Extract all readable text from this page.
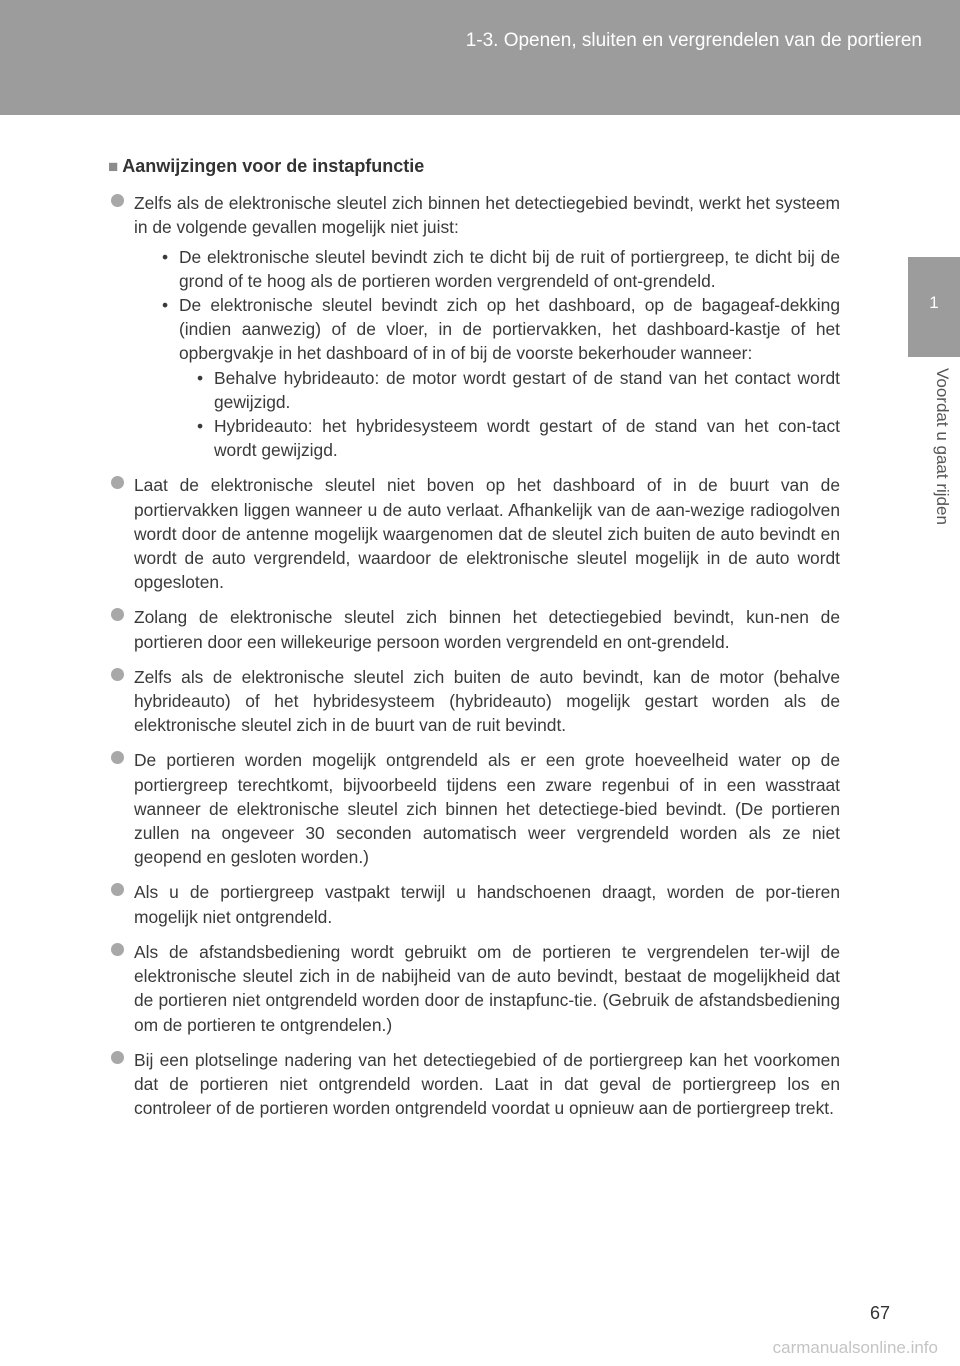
1-3. Openen, sluiten en vergrendelen van de portieren
1
Voordat u gaat rijden
■ Aanwijzingen voor de instapfunctie
Zelfs als de elektronische sleutel zich binnen het detectiegebied bevindt, werkt het systeem in de volgende gevallen mogelijk niet juist:
• De elektronische sleutel bevindt zich te dicht bij de ruit of portiergreep, te dicht bij de grond of te hoog als de portieren worden vergrendeld of ont-grendeld.
• De elektronische sleutel bevindt zich op het dashboard, op de bagageaf-dekking (indien aanwezig) of de vloer, in de portiervakken, het dashboard-kastje of het opbergvakje in het dashboard of in of bij de voorste bekerhouder wanneer:
• Behalve hybrideauto: de motor wordt gestart of de stand van het contact wordt gewijzigd.
• Hybrideauto: het hybridesysteem wordt gestart of de stand van het con-tact wordt gewijzigd.
Laat de elektronische sleutel niet boven op het dashboard of in de buurt van de portiervakken liggen wanneer u de auto verlaat. Afhankelijk van de aan-wezige radiogolven wordt door de antenne mogelijk waargenomen dat de sleutel zich buiten de auto bevindt en wordt de auto vergrendeld, waardoor de elektronische sleutel mogelijk in de auto wordt opgesloten.
Zolang de elektronische sleutel zich binnen het detectiegebied bevindt, kun-nen de portieren door een willekeurige persoon worden vergrendeld en ont-grendeld.
Zelfs als de elektronische sleutel zich buiten de auto bevindt, kan de motor (behalve hybrideauto) of het hybridesysteem (hybrideauto) mogelijk gestart worden als de elektronische sleutel zich in de buurt van de ruit bevindt.
De portieren worden mogelijk ontgrendeld als er een grote hoeveelheid water op de portiergreep terechtkomt, bijvoorbeeld tijdens een zware regenbui of in een wasstraat wanneer de elektronische sleutel zich binnen het detectiege-bied bevindt. (De portieren zullen na ongeveer 30 seconden automatisch weer vergrendeld worden als ze niet geopend en gesloten worden.)
Als u de portiergreep vastpakt terwijl u handschoenen draagt, worden de por-tieren mogelijk niet ontgrendeld.
Als de afstandsbediening wordt gebruikt om de portieren te vergrendelen ter-wijl de elektronische sleutel zich in de nabijheid van de auto bevindt, bestaat de mogelijkheid dat de portieren niet ontgrendeld worden door de instapfunc-tie. (Gebruik de afstandsbediening om de portieren te ontgrendelen.)
Bij een plotselinge nadering van het detectiegebied of de portiergreep kan het voorkomen dat de portieren niet ontgrendeld worden. Laat in dat geval de portiergreep los en controleer of de portieren worden ontgrendeld voordat u opnieuw aan de portiergreep trekt.
67
carmanualsonline.info
